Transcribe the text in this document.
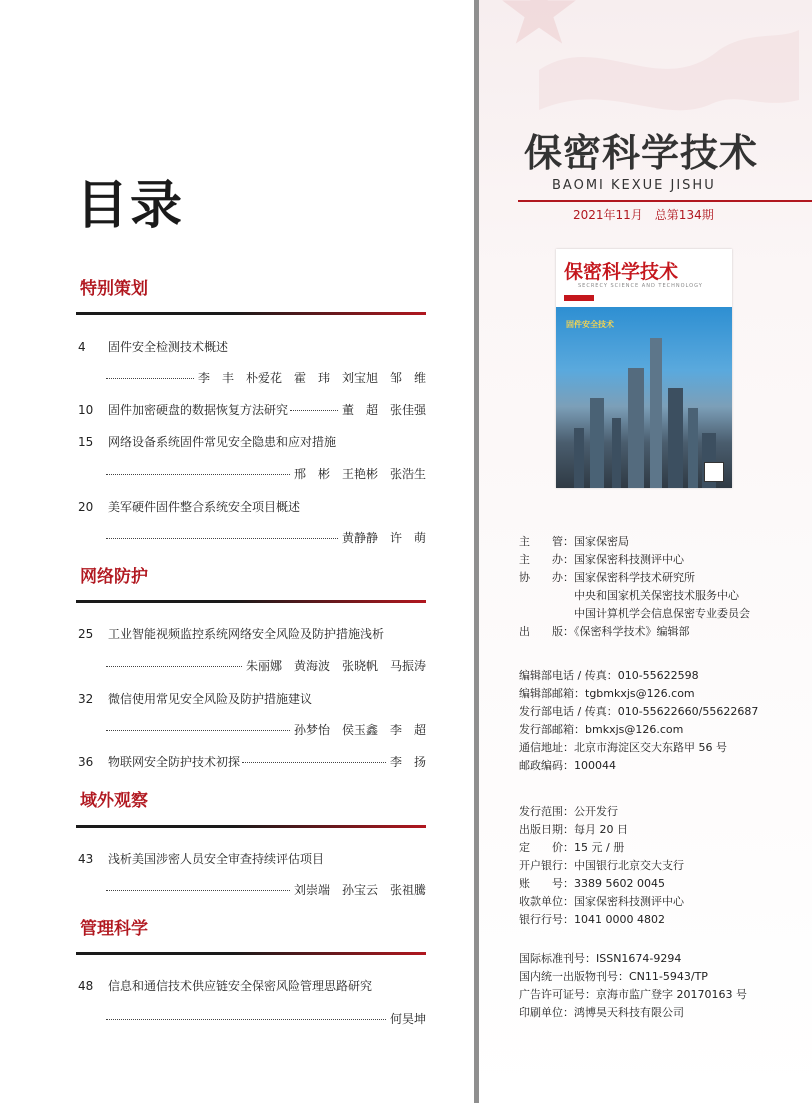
目录
特别策划
4 固件安全检测技术概述
李　丰　朴爱花　霍　玮　刘宝旭　邹　维
10	固件加密硬盘的数据恢复方法研究	董　超　张佳强
15 网络设备系统固件常见安全隐患和应对措施
邢　彬　王艳彬　张浩生
20 美军硬件固件整合系统安全项目概述
黄静静　许　萌
网络防护
25 工业智能视频监控系统网络安全风险及防护措施浅析
朱丽娜　黄海波　张晓帆　马振涛
32 微信使用常见安全风险及防护措施建议
孙梦怡　侯玉鑫　李　超
36	物联网安全防护技术初探	李　扬
域外观察
43 浅析美国涉密人员安全审查持续评估项目
刘崇端　孙宝云　张祖騰
管理科学
48 信息和通信技术供应链安全保密风险管理思路研究
何昊坤
保密科学技术
BAOMI KEXUE JISHU
2021年11月　总第134期
保密科学技术
SECRECY SCIENCE AND TECHNOLOGY
固件安全技术
主　　管：国家保密局
主　　办：国家保密科技测评中心
协　　办：国家保密科学技术研究所
　　　　　中央和国家机关保密技术服务中心
　　　　　中国计算机学会信息保密专业委员会
出　　版：《保密科学技术》编辑部
编辑部电话 / 传真：010-55622598
编辑部邮箱：tgbmkxjs@126.com
发行部电话 / 传真：010-55622660/55622687
发行部邮箱：bmkxjs@126.com
通信地址：北京市海淀区交大东路甲 56 号
邮政编码：100044
发行范围：公开发行
出版日期：每月 20 日
定　　价：15 元 / 册
开户银行：中国银行北京交大支行
账　　号：3389 5602 0045
收款单位：国家保密科技测评中心
银行行号：1041 0000 4802
国际标准刊号：ISSN1674-9294
国内统一出版物刊号：CN11-5943/TP
广告许可证号：京海市监广登字 20170163 号
印刷单位：鸿博昊天科技有限公司
